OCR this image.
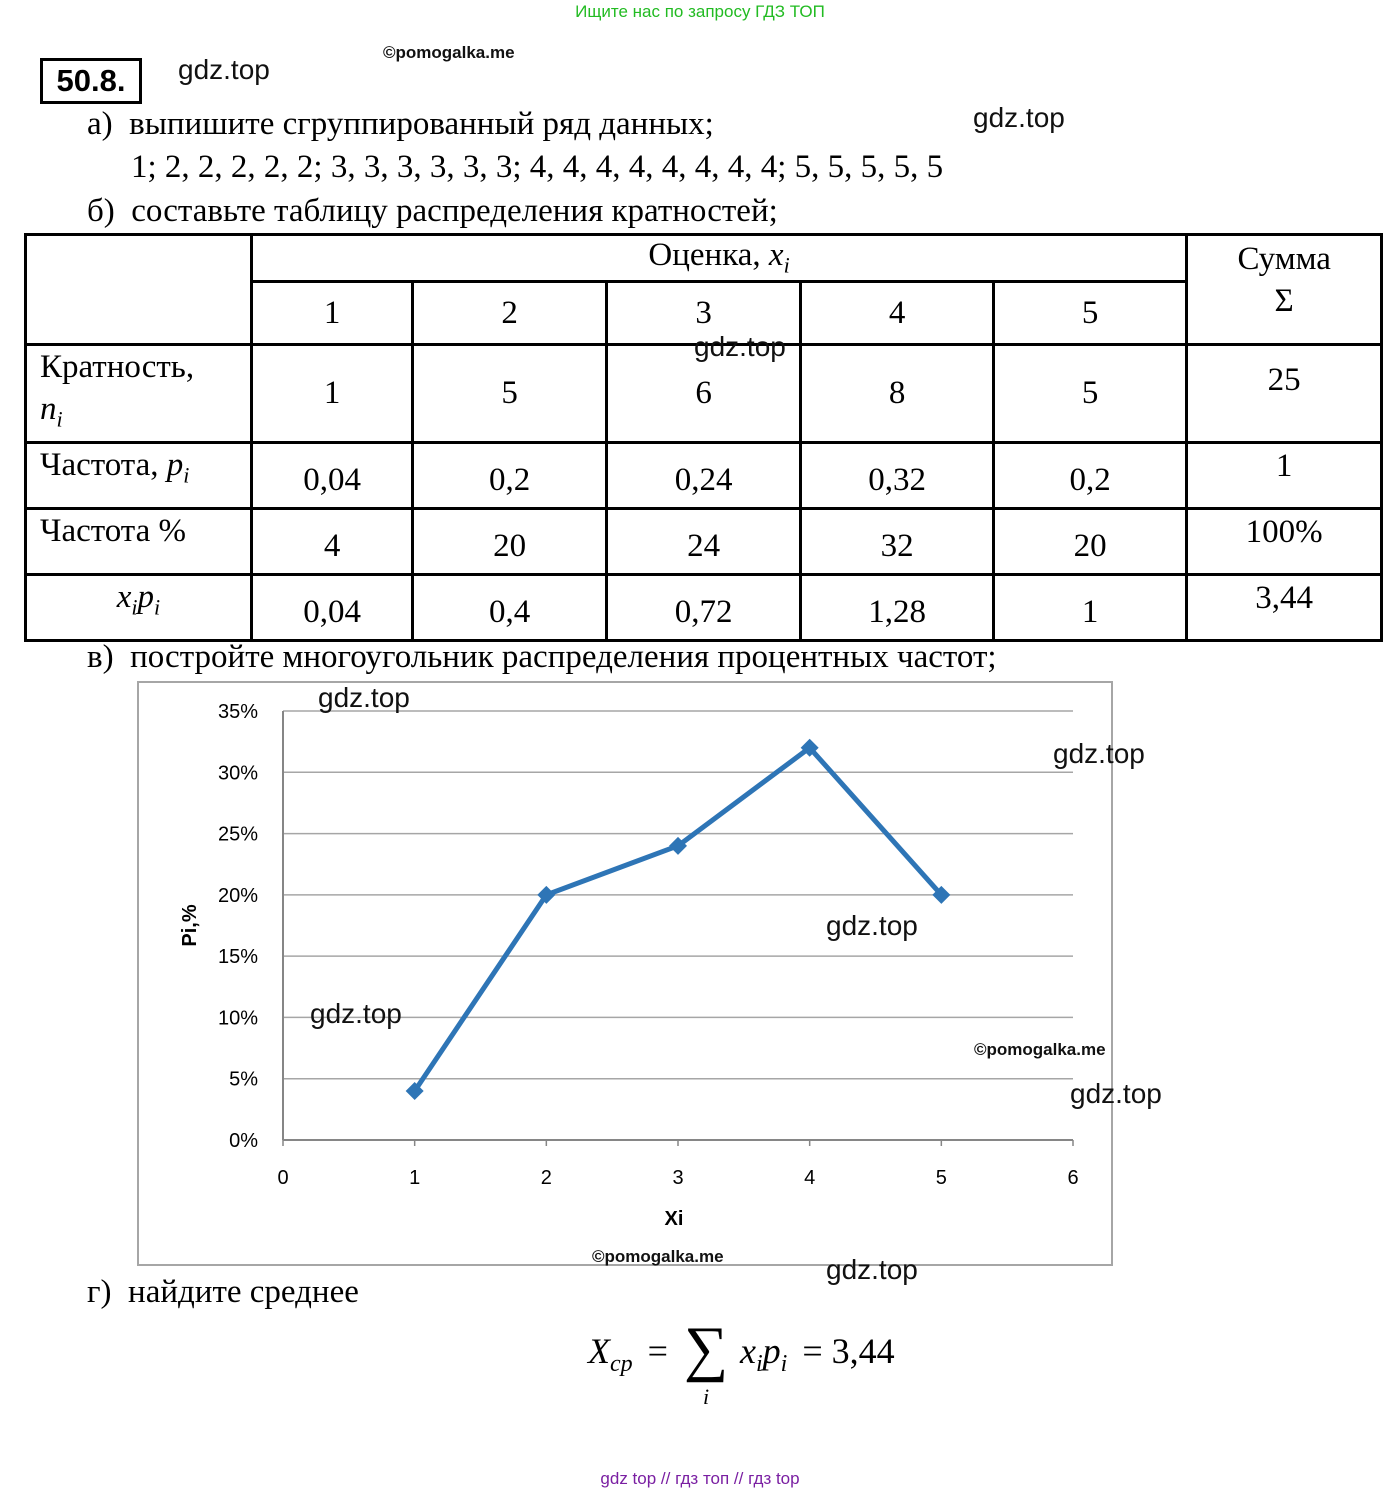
Ищите нас по запросу ГДЗ ТОП
©pomogalka.me
gdz.top
gdz.top
50.8.
а) выпишите сгруппированный ряд данных;
1; 2, 2, 2, 2, 2; 3, 3, 3, 3, 3, 3; 4, 4, 4, 4, 4, 4, 4, 4; 5, 5, 5, 5, 5
б) составьте таблицу распределения кратностей;
	Оценка, $x_i$					Сумма
Σ

	1	2	3	4	5	

Кратность,
$n_i$	1	5	6	8	5	25
Частота, $p_i$	0,04	0,2	0,24	0,32	0,2	1
Частота %	4	20	24	32	20	100%
$x_ip_i$	0,04	0,4	0,72	1,28	1	3,44
gdz.top
в) постройте многоугольник распределения процентных частот;
0%
5%
10%
15%
20%
25%
30%
35%
0	1	2	3	4	5	6
Xi
Pi,%
gdz.top
gdz.top
gdz.top
gdz.top
©pomogalka.me
gdz.top
©pomogalka.me	gdz.top
г) найдите среднее
$X_{ср}$ = ∑
i
$x_ip_i = 3,44$
gdz top // гдз топ // гдз top
